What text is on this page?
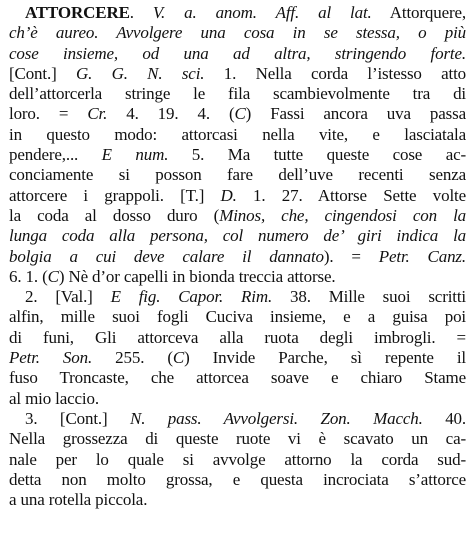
ATTORCERE. V. a. anom. Aff. al lat. Attorquere,
ch’è aureo. Avvolgere una cosa in se stessa, o più
cose insieme, od una ad altra, stringendo forte.
[Cont.] G. G. N. sci. 1. Nella corda l’istesso atto
dell’attorcerla stringe le fila scambievolmente tra di
loro. = Cr. 4. 19. 4. (C) Fassi ancora uva passa
in questo modo: attorcasi nella vite, e lasciatala
pendere,... E num. 5. Ma tutte queste cose ac-
conciamente si posson fare dell’uve recenti senza
attorcere i grappoli. [T.] D. 1. 27. Attorse Sette volte
la coda al dosso duro (Minos, che, cingendosi con la
lunga coda alla persona, col numero de’ giri indica la
bolgia a cui deve calare il dannato). = Petr. Canz.
6. 1. (C) Nè d’or capelli in bionda treccia attorse.
2. [Val.] E fig. Capor. Rim. 38. Mille suoi scritti
alfin, mille suoi fogli Cuciva insieme, e a guisa poi
di funi, Gli attorceva alla ruota degli imbrogli. =
Petr. Son. 255. (C) Invide Parche, sì repente il
fuso Troncaste, che attorcea soave e chiaro Stame
al mio laccio.
3. [Cont.] N. pass. Avvolgersi. Zon. Macch. 40.
Nella grossezza di queste ruote vi è scavato un ca-
nale per lo quale si avvolge attorno la corda sud-
detta non molto grossa, e questa incrociata s’attorce
a una rotella piccola.
